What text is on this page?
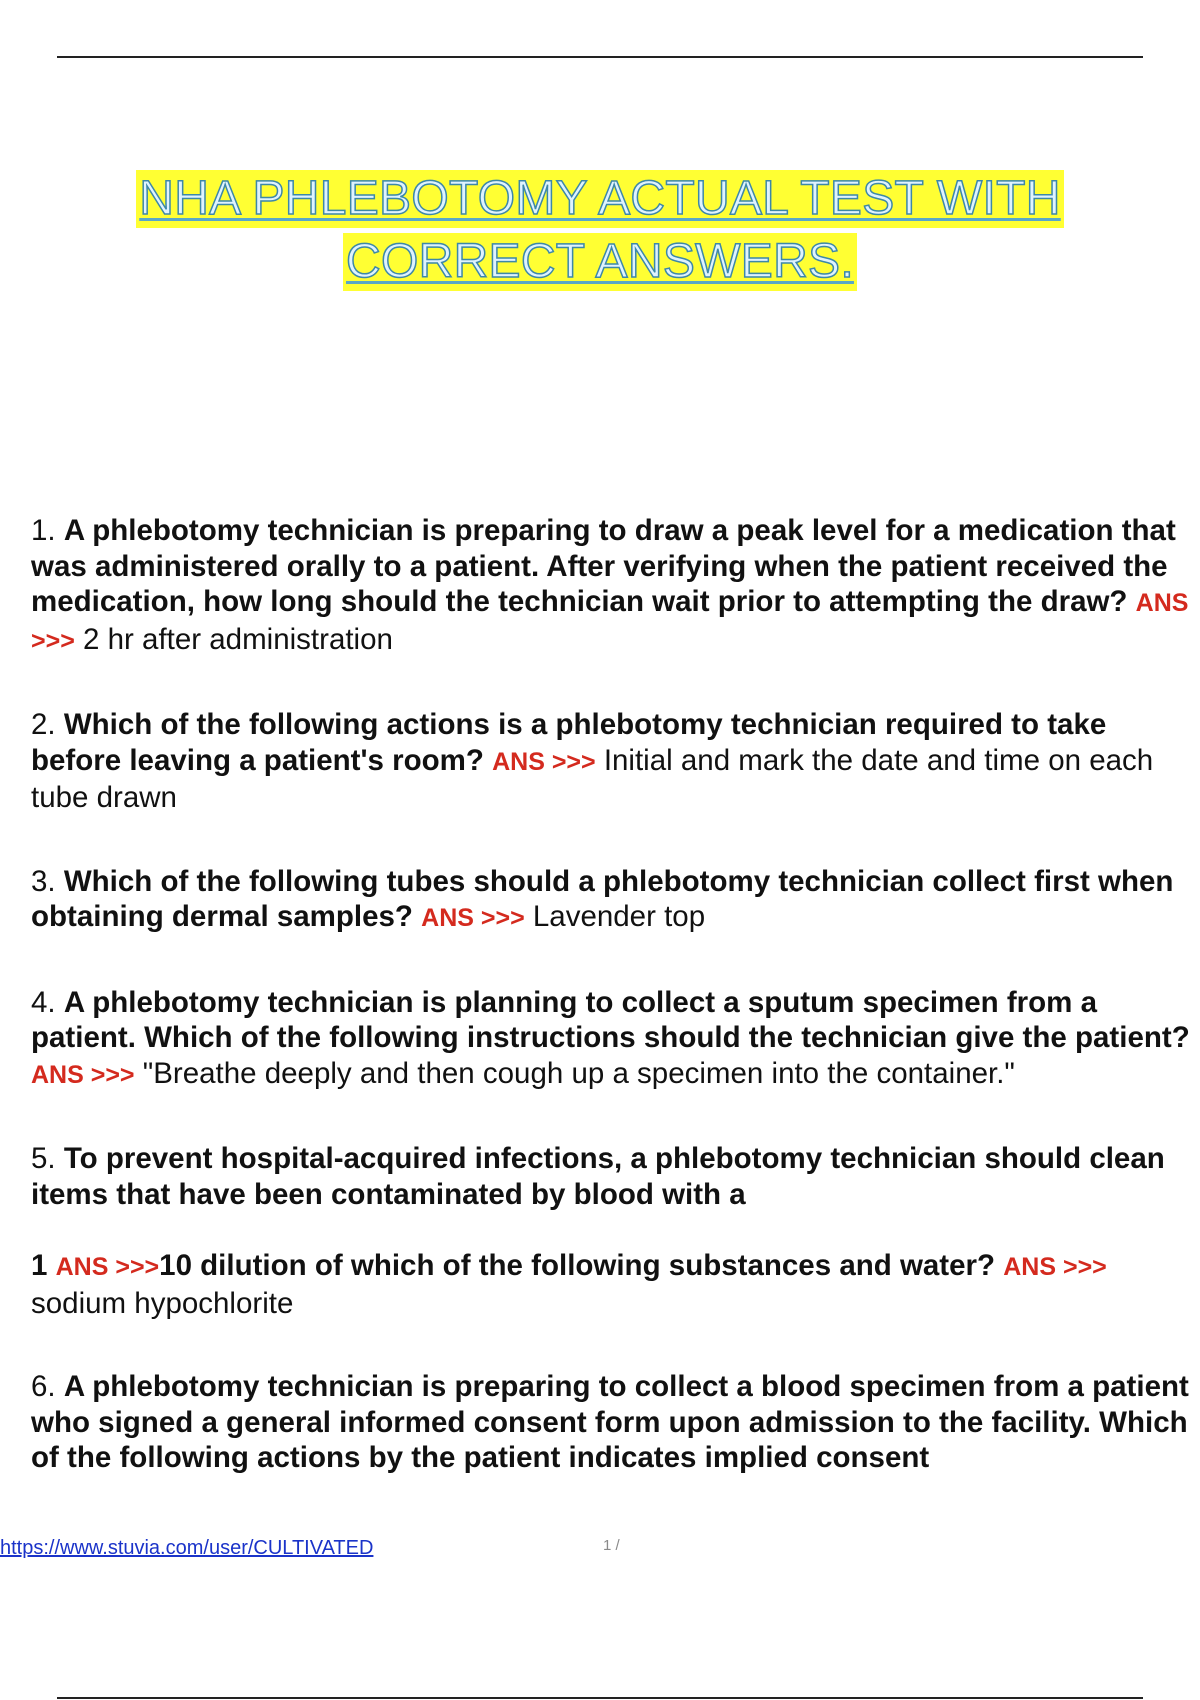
NHA PHLEBOTOMY ACTUAL TEST WITH
CORRECT ANSWERS.

1. A phlebotomy technician is preparing to draw a peak level for a medication that was administered orally to a patient. After verifying when the patient received the medication, how long should the technician wait prior to attempting the draw? ANS >>> 2 hr after administration

2. Which of the following actions is a phlebotomy technician required to take before leaving a patient's room? ANS >>> Initial and mark the date and time on each tube drawn

3. Which of the following tubes should a phlebotomy technician collect first when obtaining dermal samples? ANS >>> Lavender top

4. A phlebotomy technician is planning to collect a sputum specimen from a patient. Which of the following instructions should the technician give the patient? ANS >>> "Breathe deeply and then cough up a specimen into the container."

5. To prevent hospital-acquired infections, a phlebotomy technician should clean items that have been contaminated by blood with a

1 ANS >>>10 dilution of which of the following substances and water? ANS >>> sodium hypochlorite

6. A phlebotomy technician is preparing to collect a blood specimen from a patient who signed a general informed consent form upon admission to the facility. Which of the following actions by the patient indicates implied consent

https://www.stuvia.com/user/CULTIVATED	1 /
